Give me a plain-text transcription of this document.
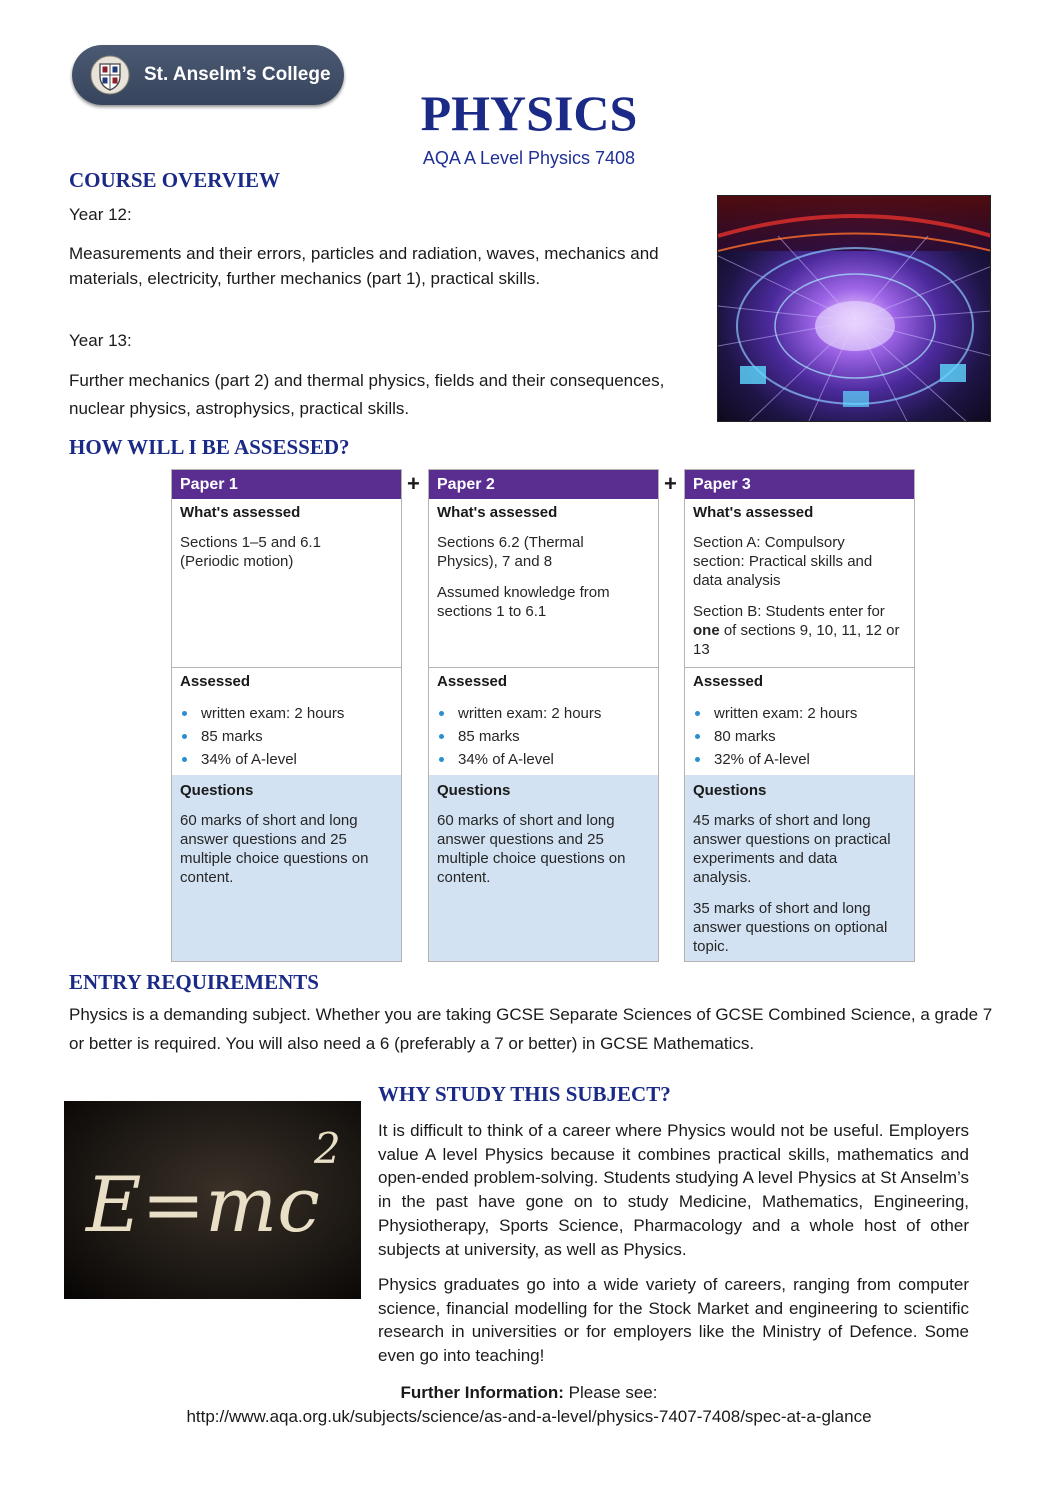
St. Anselm’s College
PHYSICS
AQA A Level Physics 7408
COURSE OVERVIEW
Year 12:
Measurements and their errors, particles and radiation, waves, mechanics and materials, electricity, further mechanics (part 1), practical skills.
Year 13:
Further mechanics (part 2) and thermal physics, fields and their consequences, nuclear physics, astrophysics, practical skills.
HOW WILL I BE ASSESSED?
Paper 1
What's assessed
Sections 1–5 and 6.1 (Periodic motion)
Assessed
written exam: 2 hours
85 marks
34% of A-level
Questions
60 marks of short and long answer questions and 25 multiple choice questions on content.
+	Paper 2
What's assessed
Sections 6.2 (Thermal Physics), 7 and 8
Assumed knowledge from sections 1 to 6.1
Assessed
written exam: 2 hours
85 marks
34% of A-level
Questions
60 marks of short and long answer questions and 25 multiple choice questions on content.
+	Paper 3
What's assessed
Section A: Compulsory section: Practical skills and data analysis
Section B: Students enter for one of sections 9, 10, 11, 12 or 13
Assessed
written exam: 2 hours
80 marks
32% of A-level
Questions
45 marks of short and long answer questions on practical experiments and data analysis.
35 marks of short and long answer questions on optional topic.
ENTRY REQUIREMENTS
Physics is a demanding subject. Whether you are taking GCSE Separate Sciences of GCSE Combined Science, a grade 7 or better is required. You will also need a 6 (preferably a 7 or better) in GCSE Mathematics.
E=mc
2
WHY STUDY THIS SUBJECT?
It is difficult to think of a career where Physics would not be useful. Employers value A level Physics because it combines practical skills, mathematics and open-ended problem-solving. Students studying A level Physics at St Anselm’s in the past have gone on to study Medicine, Mathematics, Engineering, Physiotherapy, Sports Science, Pharmacology and a whole host of other subjects at university, as well as Physics.
Physics graduates go into a wide variety of careers, ranging from computer science, financial modelling for the Stock Market and engineering to scientific research in universities or for employers like the Ministry of Defence. Some even go into teaching!
Further Information: Please see:
http://www.aqa.org.uk/subjects/science/as-and-a-level/physics-7407-7408/spec-at-a-glance
